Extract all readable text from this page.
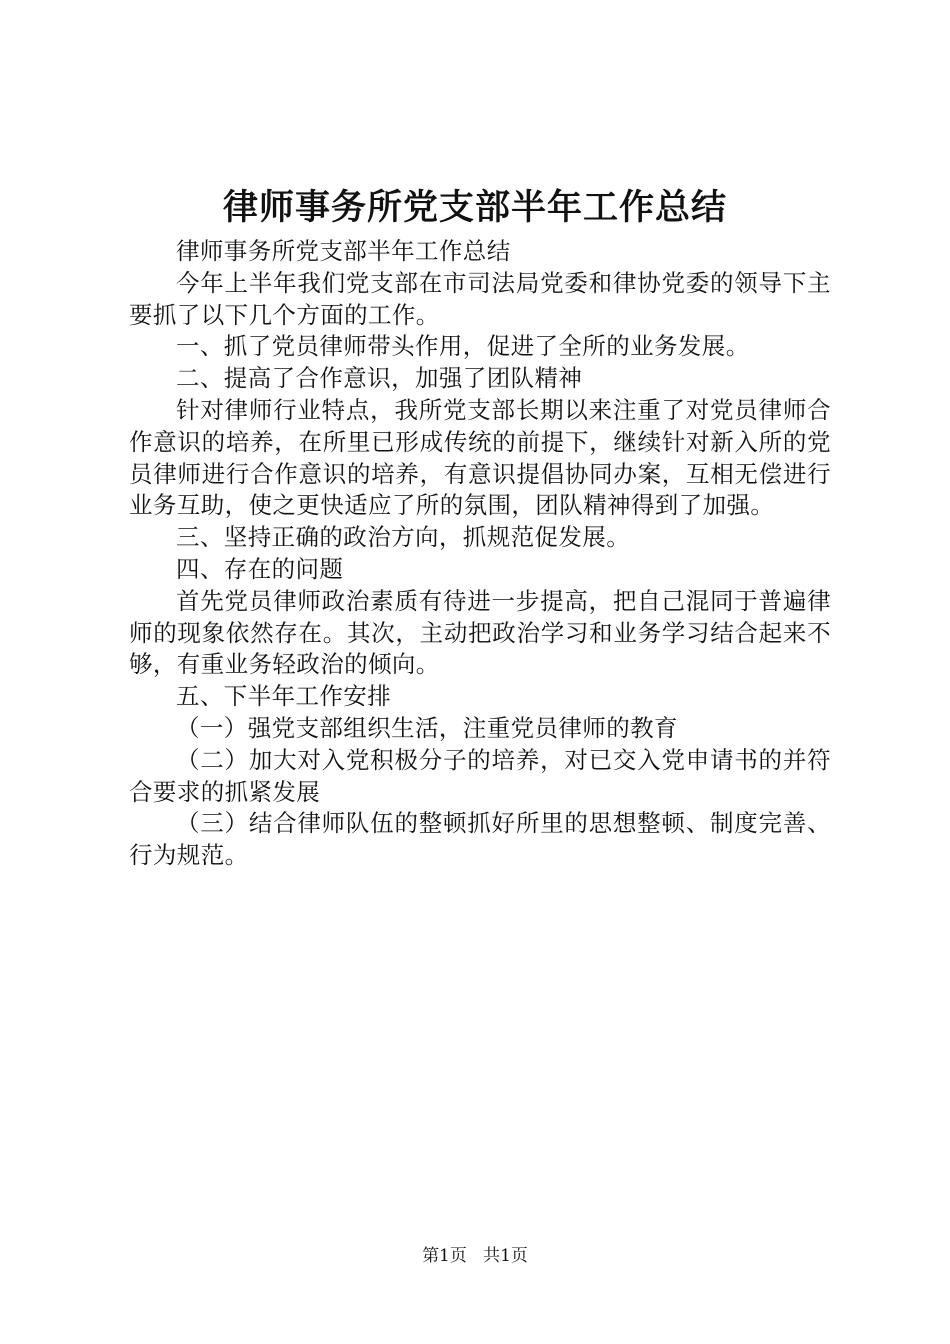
律师事务所党支部半年工作总结

律师事务所党支部半年工作总结

今年上半年我们党支部在市司法局党委和律协党委的领导下主要抓了以下几个方面的工作。

一、抓了党员律师带头作用，促进了全所的业务发展。

二、提高了合作意识，加强了团队精神

针对律师行业特点，我所党支部长期以来注重了对党员律师合作意识的培养，在所里已形成传统的前提下，继续针对新入所的党员律师进行合作意识的培养，有意识提倡协同办案，互相无偿进行业务互助，使之更快适应了所的氛围，团队精神得到了加强。

三、坚持正确的政治方向，抓规范促发展。

四、存在的问题

首先党员律师政治素质有待进一步提高，把自己混同于普遍律师的现象依然存在。其次，主动把政治学习和业务学习结合起来不够，有重业务轻政治的倾向。

五、下半年工作安排

（一）强党支部组织生活，注重党员律师的教育

（二）加大对入党积极分子的培养，对已交入党申请书的并符合要求的抓紧发展

（三）结合律师队伍的整顿抓好所里的思想整顿、制度完善、行为规范。

第1页 共1页
